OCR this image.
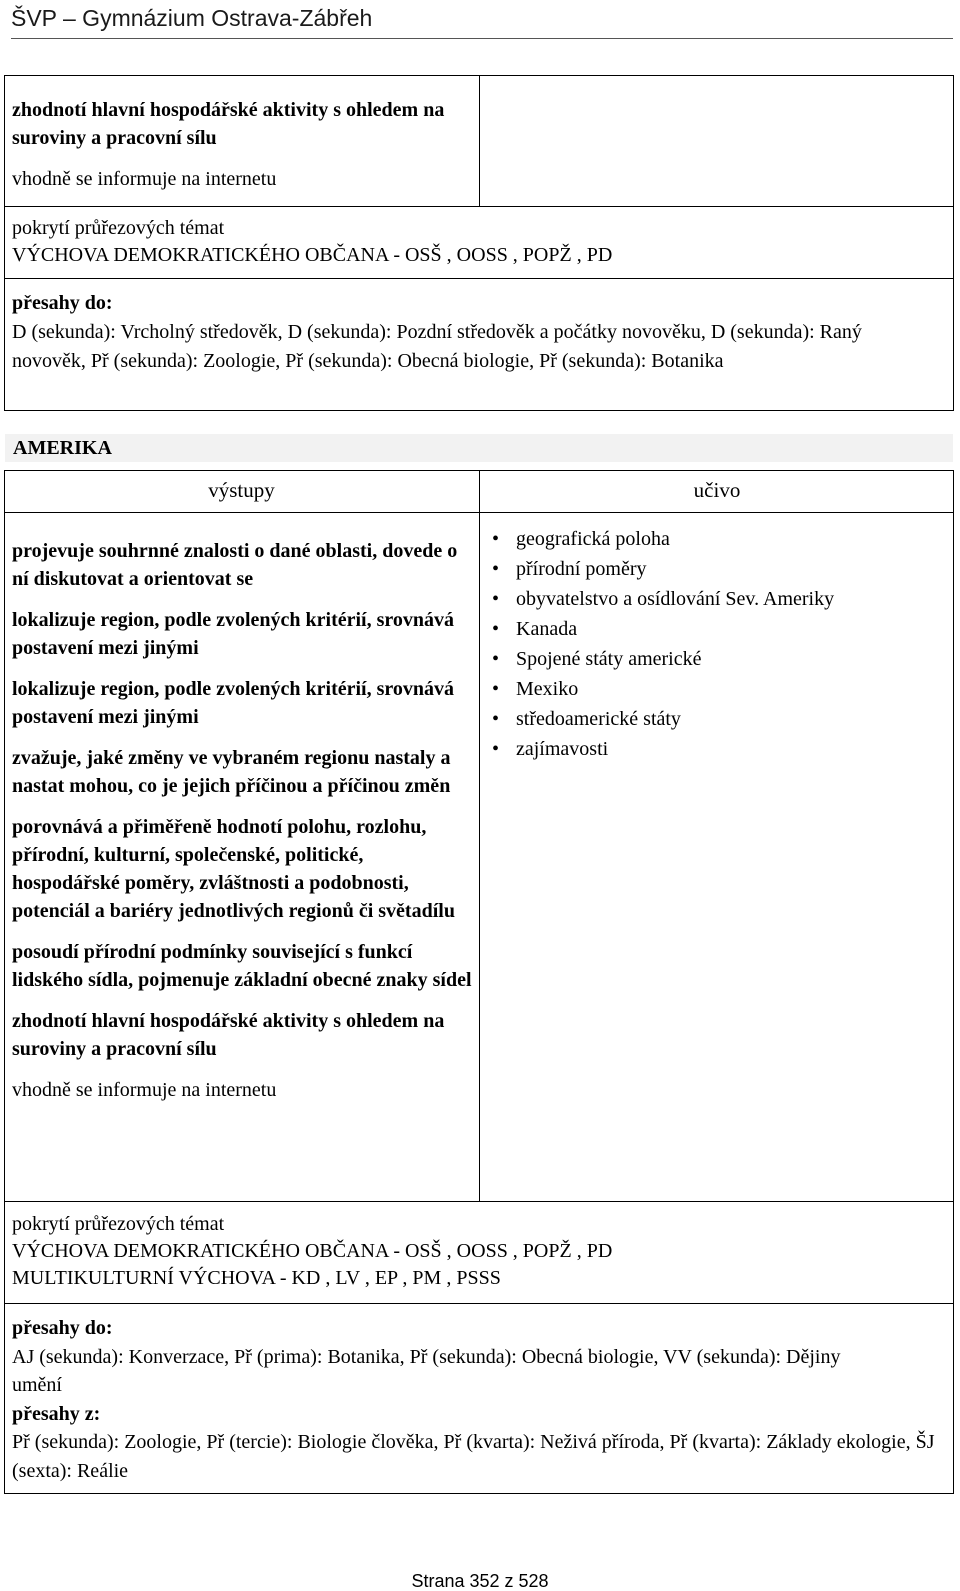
ŠVP – Gymnázium Ostrava-Zábřeh

zhodnotí hlavní hospodářské aktivity s ohledem na suroviny a pracovní sílu

vhodně se informuje na internetu

pokrytí průřezových témat
VÝCHOVA DEMOKRATICKÉHO OBČANA - OSŠ , OOSS , POPŽ , PD
přesahy do:
D (sekunda): Vrcholný středověk, D (sekunda): Pozdní středověk a počátky novověku, D (sekunda): Raný novověk, Př (sekunda): Zoologie, Př (sekunda): Obecná biologie, Př (sekunda): Botanika
AMERIKA
výstupy	učivo

projevuje souhrnné znalosti o dané oblasti, dovede o ní diskutovat a orientovat se

lokalizuje region, podle zvolených kritérií, srovnává postavení mezi jinými

lokalizuje region, podle zvolených kritérií, srovnává postavení mezi jinými

zvažuje, jaké změny ve vybraném regionu nastaly a nastat mohou, co je jejich příčinou a příčinou změn

porovnává a přiměřeně hodnotí polohu, rozlohu, přírodní, kulturní, společenské, politické, hospodářské poměry, zvláštnosti a podobnosti, potenciál a bariéry jednotlivých regionů či světadílu

posoudí přírodní podmínky související s funkcí lidského sídla, pojmenuje základní obecné znaky sídel

zhodnotí hlavní hospodářské aktivity s ohledem na suroviny a pracovní sílu

vhodně se informuje na internetu

• geografická poloha
• přírodní poměry
• obyvatelstvo a osídlování Sev. Ameriky
• Kanada
• Spojené státy americké
• Mexiko
• středoamerické státy
• zajímavosti
pokrytí průřezových témat
VÝCHOVA DEMOKRATICKÉHO OBČANA - OSŠ , OOSS , POPŽ , PD
MULTIKULTURNÍ VÝCHOVA - KD , LV , EP , PM , PSSS
přesahy do:
AJ (sekunda): Konverzace, Př (prima): Botanika, Př (sekunda): Obecná biologie, VV (sekunda): Dějiny umění
přesahy z:
Př (sekunda): Zoologie, Př (tercie): Biologie člověka, Př (kvarta): Neživá příroda, Př (kvarta): Základy ekologie, ŠJ (sexta): Reálie
Strana 352 z 528
